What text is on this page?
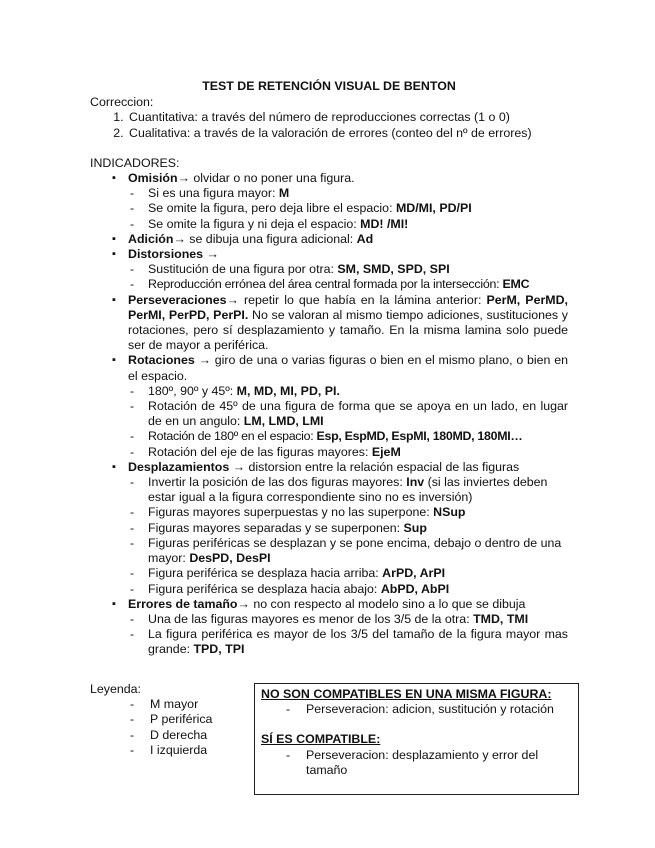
TEST DE RETENCIÓN VISUAL DE BENTON
Correccion:
1. Cuantitativa: a través del número de reproducciones correctas (1 o 0)
2. Cualitativa: a través de la valoración de errores (conteo del nº de errores)
INDICADORES:
▪ Omisión→ olvidar o no poner una figura.
- Si es una figura mayor: M
- Se omite la figura, pero deja libre el espacio: MD/MI, PD/PI
- Se omite la figura y ni deja el espacio: MD! /MI!
▪ Adición→ se dibuja una figura adicional: Ad
▪ Distorsiones →
- Sustitución de una figura por otra: SM, SMD, SPD, SPI
- Reproducción errónea del área central formada por la intersección: EMC
▪ Perseveraciones→ repetir lo que había en la lámina anterior: PerM, PerMD, PerMI, PerPD, PerPI. No se valoran al mismo tiempo adiciones, sustituciones y rotaciones, pero sí desplazamiento y tamaño. En la misma lamina solo puede ser de mayor a periférica.
▪ Rotaciones → giro de una o varias figuras o bien en el mismo plano, o bien en el espacio.
- 180º, 90º y 45º: M, MD, MI, PD, PI.
- Rotación de 45º de una figura de forma que se apoya en un lado, en lugar de en un angulo: LM, LMD, LMI
- Rotación de 180º en el espacio: Esp, EspMD, EspMI, 180MD, 180MI…
- Rotación del eje de las figuras mayores: EjeM
▪ Desplazamientos → distorsion entre la relación espacial de las figuras
- Invertir la posición de las dos figuras mayores: Inv (si las inviertes deben estar igual a la figura correspondiente sino no es inversión)
- Figuras mayores superpuestas y no las superpone: NSup
- Figuras mayores separadas y se superponen: Sup
- Figuras periféricas se desplazan y se pone encima, debajo o dentro de una mayor: DesPD, DesPI
- Figura periférica se desplaza hacia arriba: ArPD, ArPI
- Figura periférica se desplaza hacia abajo: AbPD, AbPI
▪ Errores de tamaño→ no con respecto al modelo sino a lo que se dibuja
- Una de las figuras mayores es menor de los 3/5 de la otra: TMD, TMI
- La figura periférica es mayor de los 3/5 del tamaño de la figura mayor mas grande: TPD, TPI
Leyenda:
- M mayor
- P periférica
- D derecha
- I izquierda
NO SON COMPATIBLES EN UNA MISMA FIGURA:
- Perseveracion: adicion, sustitución y rotación
SÍ ES COMPATIBLE:
- Perseveracion: desplazamiento y error del tamaño
